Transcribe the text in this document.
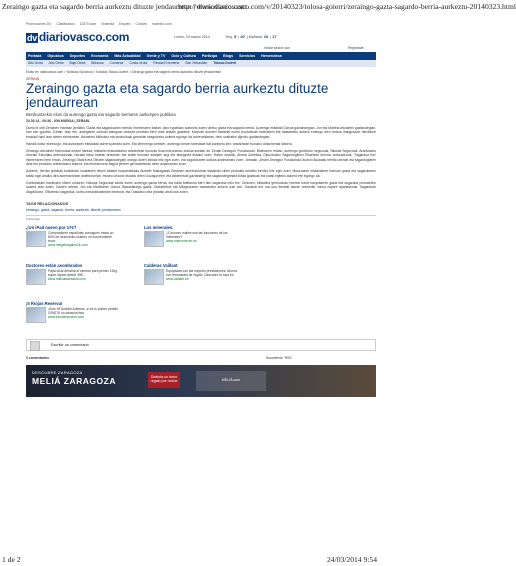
Zeraingo gazta eta sagardo berria aurkeztu dituzte jendaurrean | diariovasco.com
http://www.diariovasco.com/v/20140323/tolosa-goierri/zeraingo-gazta-sagardo-berria-aurkeztu-20140323.html
Promociones DV Clasificados 11870.com Vivienda Empleo Coches mueriho.com
dv diariovasco.com	Lunes, 24 marzo 2014	Hoy 5  | 20  | Mañana 10  | 17
Iniciar sesión con	Regístrate
Portada Gipuzkoa Deportes Economía Más Actualidad Gente y TV Ocio y Cultura Participa Blogs Servicios Hemeroteca
Alto Urola Alto Deba Bajo Deba Bidasoa Comarca Costa Urola Pasaia Errenteria San Sebastián Tolosa-Goierri
Estás en: diariovasco.com > Noticias Gipuzkoa > Noticias Tolosa-Goierri > Zeraingo gazta eta sagardo berria aurkeztu dituzte jendaurrean
ZERAIN
Zeraingo gazta eta sagardo berria aurkeztu dituzte jendaurrean
Benikuntzekin eloni da aurtengo gazta eta sagardo berriaren aurkezpen publikoa
23.03.14 - 00:36 - ION MUÑOA | ZERAIN.

Duela bi urte Zerainen martxan jarritako 'Gazta eta sagardoaren merida' ekimenaren baitan, atzo egueldan aurkeztu zuten urteko gazta eta sagardo berria. Aurtengo ekitaldia Ganoa gaztandegian. Jon eta Martina artzainen gaztandegian, han zen goizeko 11etan. Izan ere, antegiaren ondoan kaleguan dotorea prestatu berri dute artzain gaztaiek. Karpolik dotoreri bisitariei euren produktuak erakustelo eta dastatzeko aukera emango dien txokoa inaugurazio herritarrei erakutsi nahi izan zieten ekimenean. Artzainen biitiruzko eta produktuak garrantzi ezagutzeko aukera egongo da aurrerantzean, herri sustraien dijeuko gaztandegian.

Handik kultur ekeira igo, eta aurkezpen ekitaldiak aurrera jarraitu zuen. Eta lehenengo pertsen, aurtengo beste nobedade bat aurkeztu zen: artzaintzari buruzko dokumental laburra.

Zeraingo artzainen bizimodua oinarri hartuta, bisitariei erakustearko artzaintzari buruzko ikus-entzunezko edukia sustatu du 'Zerain Dezagun' Fundazioak. Bideoaren erdian, aurtengo gordetutu negusuak, Nikolas Segurolak. Arantzazko Antzain Eskolako arduradunak, hitzaldi labur batean artzainen eta ardiei buruzko azalpen argi eta atseginea eskaini zuen. Haren ondotik, Ainara Zubeldia, Gipuzkoako Sagardogileen Elkarteko turismo arduradunak, 'Sagardoa bizi' ekimenaren berri eman. Zeraingo Otatza eta Olharte sagardotegiek urango duten lekuaz hitz egin zuen, eta sagardoaren kultura azpimarratu zuen. Jarraian, Zerain Dezagun Fundazioko Andoni Aludaiak herriko artzain eta sagardogileen lana eta produktu artzaintzako aukera, eta etorkizunera begira jennen gerrantzitsuak diren azpimarratu zuen.

Azkenik, herriko jendeak turistikoek kudeatzen diluen Aldabe kooperatibako Alobber Makagaazk Zerainen aurrerantzean eskainiko diren produktu turistiko berriez hitz egin zuen: Museoaren bisitaldiaren barruan gazta eta sagardoaren katak egin ahalko dira aurrerantzean asteburuetan, museo ondoan ekoiztu diren Gozaguneen; eta taldeentzat gaztandegi eta sagardotegietara bisita gidatuak eta katak egiteko aukera ere egongo da.

Gonbidatuen hasierako hitzen ondoren, Nikolas Segurolak zaldiz euren aurtengo gazta berria, eta baita bottlarutu berri den sagardoa ireki ere. Ondoren, ekitaldira gerturatuko herritar nahiz kanpotarrek gazta eta sagardoa probatzeko aukera izan zuten. Gazten artean, Jon eta Martinaren Garoa, Basazabalgo gazta, Olabideikoa eta Milagrosaren dastatzeko aukera izan zen. Gazteok ere ooo-ooo ikertaki daude orainedik, bama zapore aparteskoak. Sagardoari dagokionez, Olharteko sagardoa, korbo-extsarkitzailedne denbora, eta Otatzako urtia probatu ahal izan zuten.

TAGS RELACIONADOS
zeraingo, gazta, sagardo, berria, aurkeztu, dituzte, jendaurrean
Publicidad
¿Un iPad nuevo por 17€?
Compradores españoles consiguen hasta un 80% de descuento usando un sorprendente truco
www.megabargains24.com
Los minerales.
¿Conoces cuáles son las funciones de los minerales?
www.nutricentrum.es
Doctores están asombrados
Papá local desvela el secreto para perder 12kg super rápido desde 39€...
www.noticiasdesalud.com
Calderas Vaillant
Equípadas con las mejores prestaciones. Ahorra con termostato de regalo. Descubre la tuya en
www.vaillant.es
¡5 Riojas Reserva!
¡Sólo 4€ botella! Además, si es tu primer pedido GRATIS un sacacorchos
www.elcodeboccion.com
Escribir un comentario
0 comentarios	Suscribirse RSS
DESCUBRE ZARAGOZA
MELIÁ ZARAGOZA	Disfruta un bono regalo por noche	MELIÁ.com
1 de 2	24/03/2014 9:54
